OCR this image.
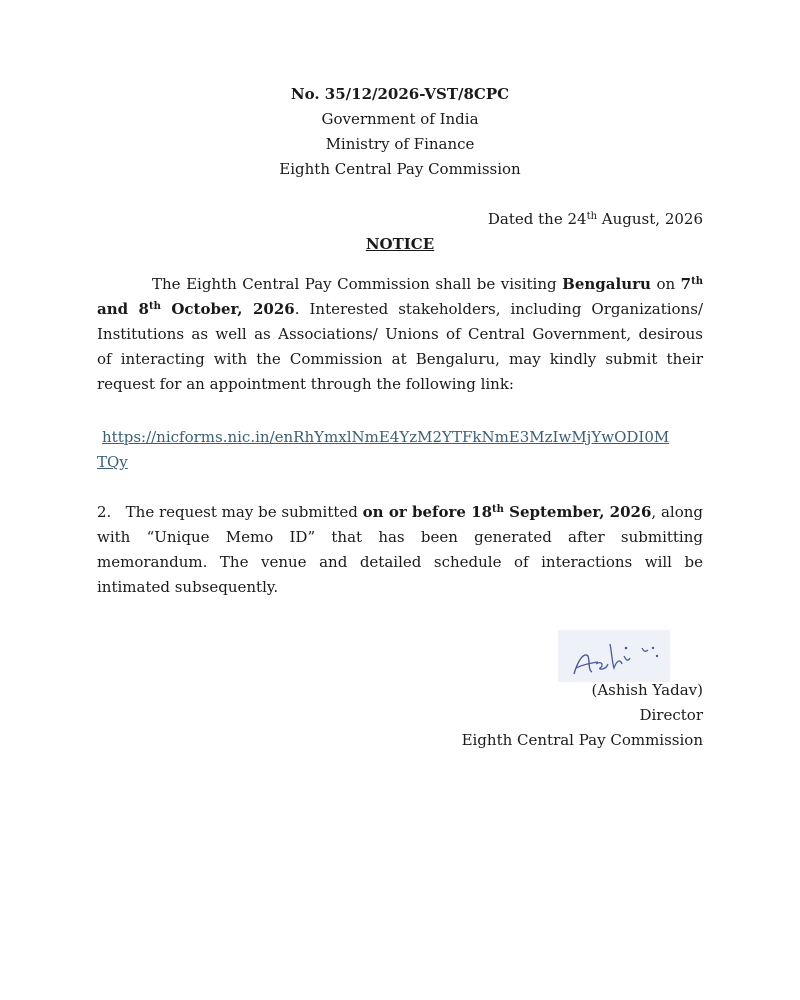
No. 35/12/2026-VST/8CPC
Government of India
Ministry of Finance
Eighth Central Pay Commission
Dated the 24th August, 2026
NOTICE
The Eighth Central Pay Commission shall be visiting Bengaluru on 7th
and 8th October, 2026. Interested stakeholders, including Organizations/
Institutions as well as Associations/ Unions of Central Government, desirous
of interacting with the Commission at Bengaluru, may kindly submit their
request for an appointment through the following link:
https://nicforms.nic.in/enRhYmxlNmE4YzM2YTFkNmE3MzIwMjYwODI0M
TQy
2.   The request may be submitted on or before 18th September, 2026, along
with “Unique Memo ID” that has been generated after submitting
memorandum. The venue and detailed schedule of interactions will be
intimated subsequently.
(Ashish Yadav)
Director
Eighth Central Pay Commission
